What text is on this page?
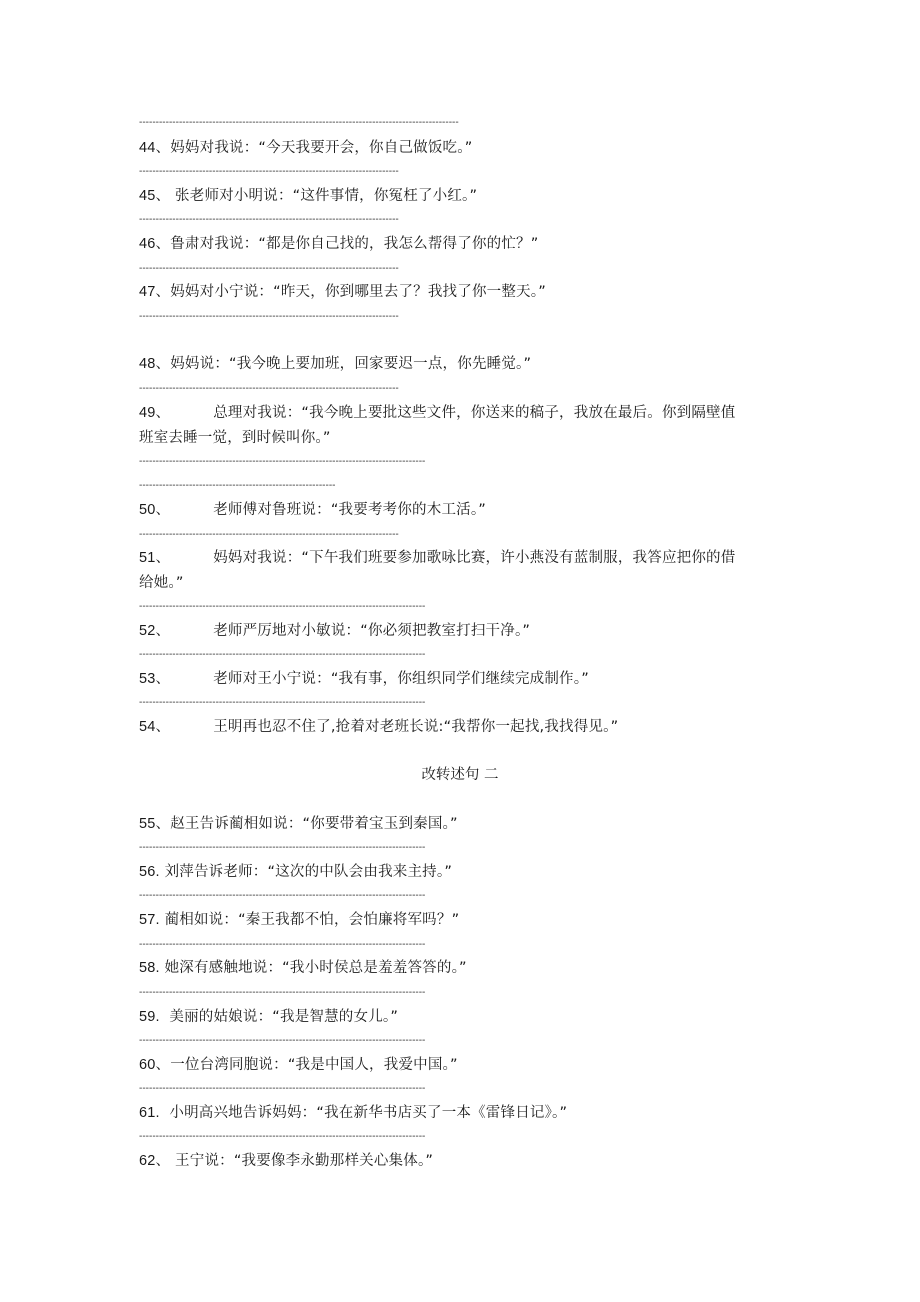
------------------------------------------------------------------------------------------------
44、妈妈对我说：“今天我要开会，你自己做饭吃。”
------------------------------------------------------------------------------
45、 张老师对小明说：“这件事情，你冤枉了小红。”
------------------------------------------------------------------------------
46、鲁肃对我说：“都是你自己找的，我怎么帮得了你的忙？”
------------------------------------------------------------------------------
47、妈妈对小宁说：“昨天，你到哪里去了？我找了你一整天。”
------------------------------------------------------------------------------
48、妈妈说：“我今晚上要加班，回家要迟一点，你先睡觉。”
------------------------------------------------------------------------------
49、	总理对我说：“我今晚上要批这些文件，你送来的稿子，我放在最后。你到隔壁值
班室去睡一觉，到时候叫你。”
--------------------------------------------------------------------------------------
-----------------------------------------------------------
50、	老师傅对鲁班说：“我要考考你的木工活。”
------------------------------------------------------------------------------
51、	妈妈对我说：“下午我们班要参加歌咏比赛，许小燕没有蓝制服，我答应把你的借
给她。”
--------------------------------------------------------------------------------------
52、	老师严厉地对小敏说：“你必须把教室打扫干净。”
--------------------------------------------------------------------------------------
53、	老师对王小宁说：“我有事，你组织同学们继续完成制作。”
--------------------------------------------------------------------------------------
54、	王明再也忍不住了,抢着对老班长说:“我帮你一起找,我找得见。”
改转述句 二
55、赵王告诉蔺相如说：“你要带着宝玉到秦国。”
--------------------------------------------------------------------------------------
56. 刘萍告诉老师：“这次的中队会由我来主持。”
--------------------------------------------------------------------------------------
57. 蔺相如说：“秦王我都不怕，会怕廉将军吗？”
--------------------------------------------------------------------------------------
58. 她深有感触地说：“我小时侯总是羞羞答答的。”
--------------------------------------------------------------------------------------
59.  美丽的姑娘说：“我是智慧的女儿。”
--------------------------------------------------------------------------------------
60、一位台湾同胞说：“我是中国人，我爱中国。”
--------------------------------------------------------------------------------------
61.  小明高兴地告诉妈妈：“我在新华书店买了一本《雷锋日记》。”
--------------------------------------------------------------------------------------
62、 王宁说：“我要像李永勤那样关心集体。”
